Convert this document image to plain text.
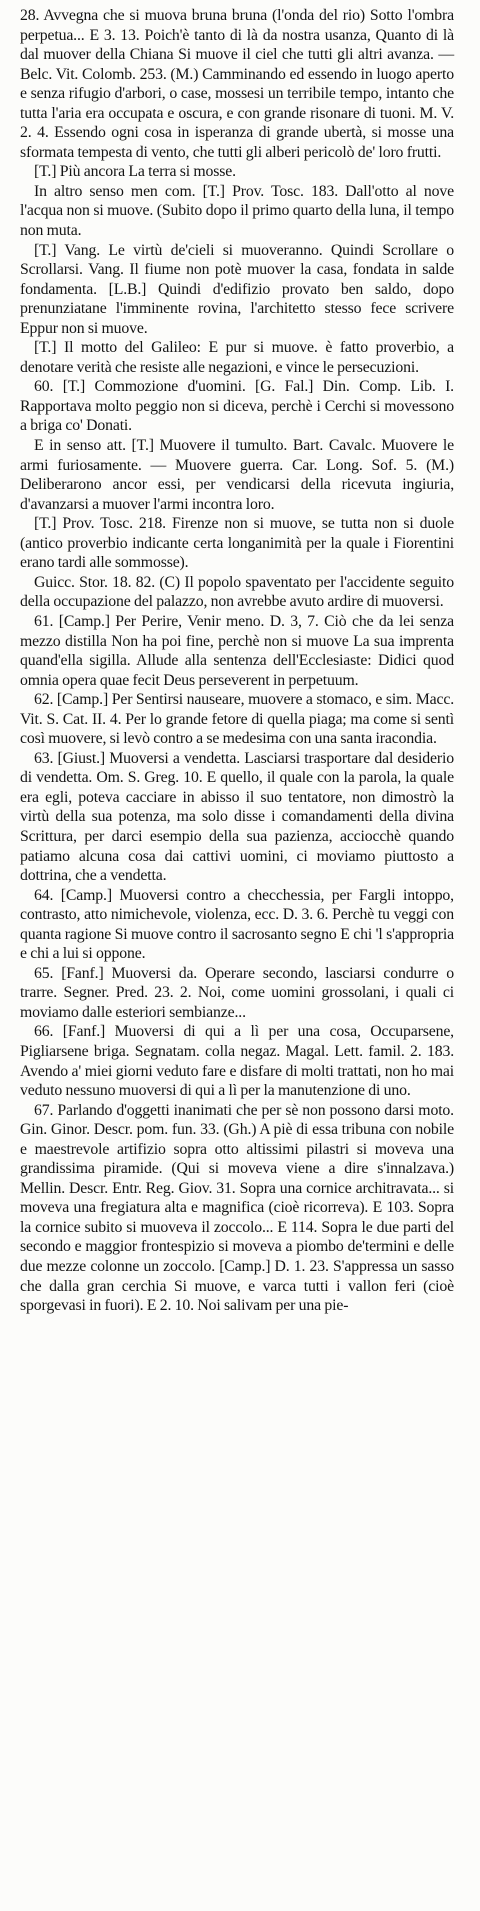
28. Avvegna che si muova bruna bruna (l'onda del rio) Sotto l'ombra perpetua... E 3. 13. Poich'è tanto di là da nostra usanza, Quanto di là dal muover della Chiana Si muove il ciel che tutti gli altri avanza. — Belc. Vit. Colomb. 253. (M.) Camminando ed essendo in luogo aperto e senza rifugio d'arbori, o case, mossesi un terribile tempo, intanto che tutta l'aria era occupata e oscura, e con grande risonare di tuoni. M. V. 2. 4. Essendo ogni cosa in isperanza di grande ubertà, si mosse una sformata tempesta di vento, che tutti gli alberi pericolò de' loro frutti.
[T.] Più ancora La terra si mosse.
In altro senso men com. [T.] Prov. Tosc. 183. Dall'otto al nove l'acqua non si muove. (Subito dopo il primo quarto della luna, il tempo non muta.
[T.] Vang. Le virtù de'cieli si muoveranno. Quindi Scrollare o Scrollarsi. Vang. Il fiume non potè muover la casa, fondata in salde fondamenta. [L.B.] Quindi d'edifizio provato ben saldo, dopo prenunziatane l'imminente rovina, l'architetto stesso fece scrivere Eppur non si muove.
[T.] Il motto del Galileo: E pur si muove. è fatto proverbio, a denotare verità che resiste alle negazioni, e vince le persecuzioni.
60. [T.] Commozione d'uomini. [G. Fal.] Din. Comp. Lib. I. Rapportava molto peggio non si diceva, perchè i Cerchi si movessono a briga co' Donati.
E in senso att. [T.] Muovere il tumulto. Bart. Cavalc. Muovere le armi furiosamente. — Muovere guerra. Car. Long. Sof. 5. (M.) Deliberarono ancor essi, per vendicarsi della ricevuta ingiuria, d'avanzarsi a muover l'armi incontra loro.
[T.] Prov. Tosc. 218. Firenze non si muove, se tutta non si duole (antico proverbio indicante certa longanimità per la quale i Fiorentini erano tardi alle sommosse).
Guicc. Stor. 18. 82. (C) Il popolo spaventato per l'accidente seguito della occupazione del palazzo, non avrebbe avuto ardire di muoversi.
61. [Camp.] Per Perire, Venir meno. D. 3, 7. Ciò che da lei senza mezzo distilla Non ha poi fine, perchè non si muove La sua imprenta quand'ella sigilla. Allude alla sentenza dell'Ecclesiaste: Didici quod omnia opera quae fecit Deus perseverent in perpetuum.
62. [Camp.] Per Sentirsi nauseare, muovere a stomaco, e sim. Macc. Vit. S. Cat. II. 4. Per lo grande fetore di quella piaga; ma come si sentì così muovere, si levò contro a se medesima con una santa iracondia.
63. [Giust.] Muoversi a vendetta. Lasciarsi trasportare dal desiderio di vendetta. Om. S. Greg. 10. E quello, il quale con la parola, la quale era egli, poteva cacciare in abisso il suo tentatore, non dimostrò la virtù della sua potenza, ma solo disse i comandamenti della divina Scrittura, per darci esempio della sua pazienza, acciocchè quando patiamo alcuna cosa dai cattivi uomini, ci moviamo piuttosto a dottrina, che a vendetta.
64. [Camp.] Muoversi contro a checchessia, per Fargli intoppo, contrasto, atto nimichevole, violenza, ecc. D. 3. 6. Perchè tu veggi con quanta ragione Si muove contro il sacrosanto segno E chi 'l s'appropria e chi a lui si oppone.
65. [Fanf.] Muoversi da. Operare secondo, lasciarsi condurre o trarre. Segner. Pred. 23. 2. Noi, come uomini grossolani, i quali ci moviamo dalle esteriori sembianze...
66. [Fanf.] Muoversi di qui a lì per una cosa, Occuparsene, Pigliarsene briga. Segnatam. colla negaz. Magal. Lett. famil. 2. 183. Avendo a' miei giorni veduto fare e disfare di molti trattati, non ho mai veduto nessuno muoversi di qui a lì per la manutenzione di uno.
67. Parlando d'oggetti inanimati che per sè non possono darsi moto. Gin. Ginor. Descr. pom. fun. 33. (Gh.) A piè di essa tribuna con nobile e maestrevole artifizio sopra otto altissimi pilastri si moveva una grandissima piramide. (Qui si moveva viene a dire s'innalzava.) Mellin. Descr. Entr. Reg. Giov. 31. Sopra una cornice architravata... si moveva una fregiatura alta e magnifica (cioè ricorreva). E 103. Sopra la cornice subito si muoveva il zoccolo... E 114. Sopra le due parti del secondo e maggior frontespizio si moveva a piombo de'termini e delle due mezze colonne un zoccolo. [Camp.] D. 1. 23. S'appressa un sasso che dalla gran cerchia Si muove, e varca tutti i vallon feri (cioè sporgevasi in fuori). E 2. 10. Noi salivam per una pie-
